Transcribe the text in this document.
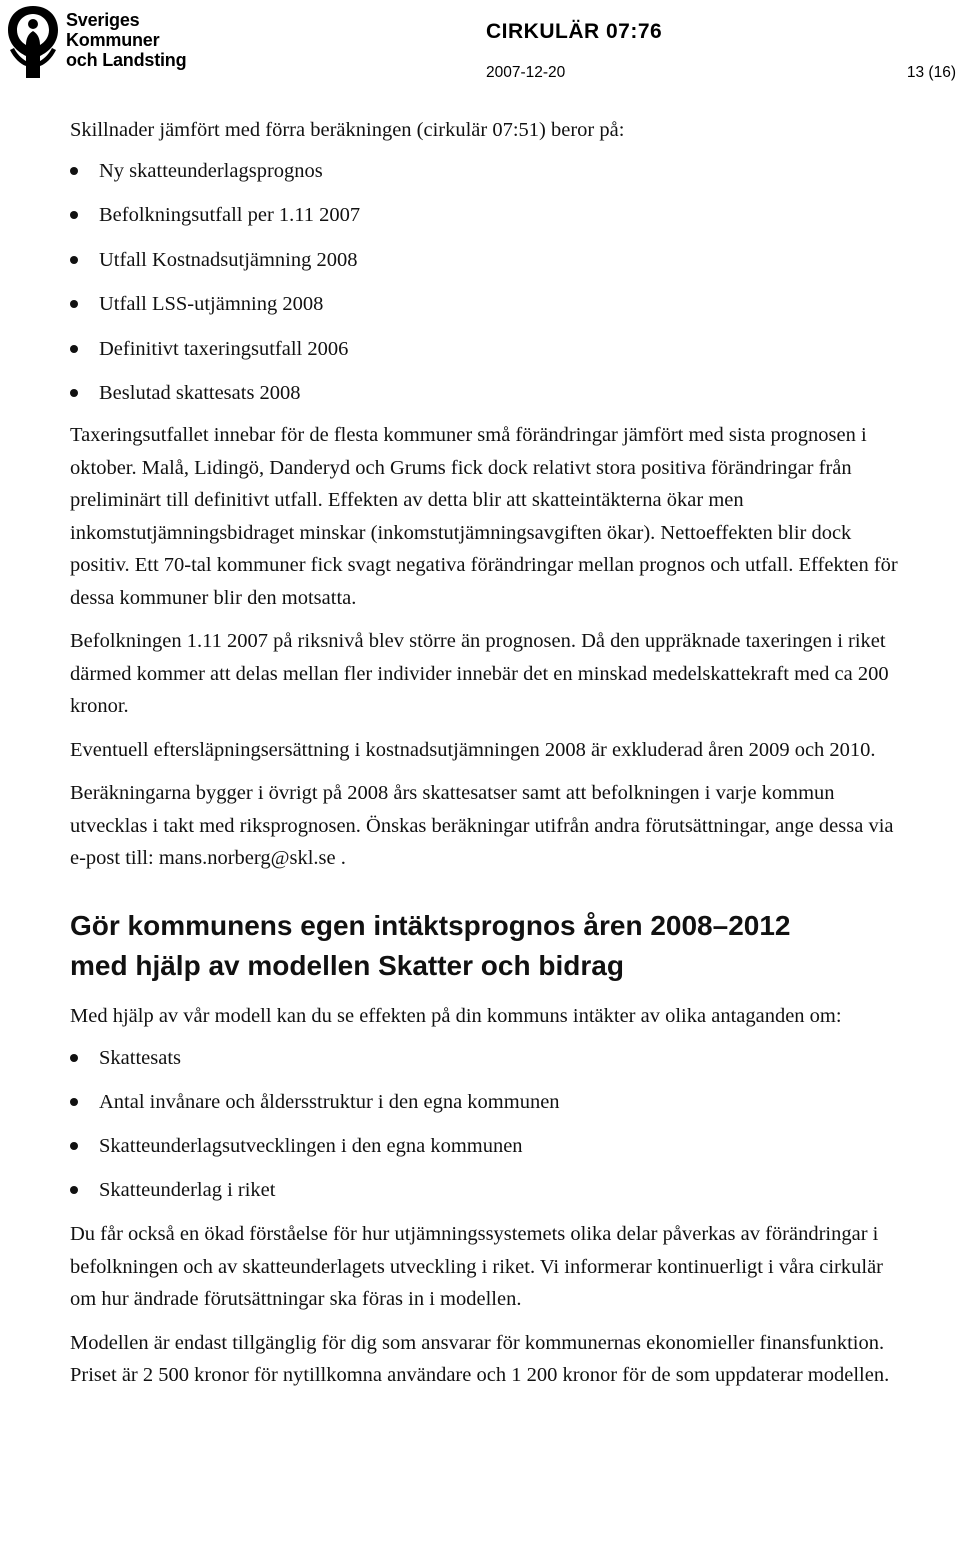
Sveriges
Kommuner
och Landsting
CIRKULÄR 07:76
2007-12-20	13 (16)

Skillnader jämfört med förra beräkningen (cirkulär 07:51) beror på:

Ny skatteunderlagsprognos
Befolkningsutfall per 1.11 2007
Utfall Kostnadsutjämning 2008
Utfall LSS-utjämning 2008
Definitivt taxeringsutfall 2006
Beslutad skattesats 2008

Taxeringsutfallet innebar för de flesta kommuner små förändringar jämfört med sista prognosen i oktober. Malå, Lidingö, Danderyd och Grums fick dock relativt stora positiva förändringar från preliminärt till definitivt utfall. Effekten av detta blir att skatteintäkterna ökar men inkomstutjämningsbidraget minskar (inkomstutjämningsavgiften ökar). Nettoeffekten blir dock positiv. Ett 70-tal kommuner fick svagt negativa förändringar mellan prognos och utfall. Effekten för dessa kommuner blir den motsatta.

Befolkningen 1.11 2007 på riksnivå blev större än prognosen. Då den uppräknade taxeringen i riket därmed kommer att delas mellan fler individer innebär det en minskad medelskattekraft med ca 200 kronor.

Eventuell eftersläpningsersättning i kostnadsutjämningen 2008 är exkluderad åren 2009 och 2010.

Beräkningarna bygger i övrigt på 2008 års skattesatser samt att befolkningen i varje kommun utvecklas i takt med riksprognosen. Önskas beräkningar utifrån andra förutsättningar, ange dessa via e-post till: mans.norberg@skl.se .

Gör kommunens egen intäktsprognos åren 2008–2012
med hjälp av modellen Skatter och bidrag

Med hjälp av vår modell kan du se effekten på din kommuns intäkter av olika antaganden om:

Skattesats
Antal invånare och åldersstruktur i den egna kommunen
Skatteunderlagsutvecklingen i den egna kommunen
Skatteunderlag i riket

Du får också en ökad förståelse för hur utjämningssystemets olika delar påverkas av förändringar i befolkningen och av skatteunderlagets utveckling i riket. Vi informerar kontinuerligt i våra cirkulär om hur ändrade förutsättningar ska föras in i modellen.

Modellen är endast tillgänglig för dig som ansvarar för kommunernas ekonomieller finansfunktion. Priset är 2 500 kronor för nytillkomna användare och 1 200 kronor för de som uppdaterar modellen.
